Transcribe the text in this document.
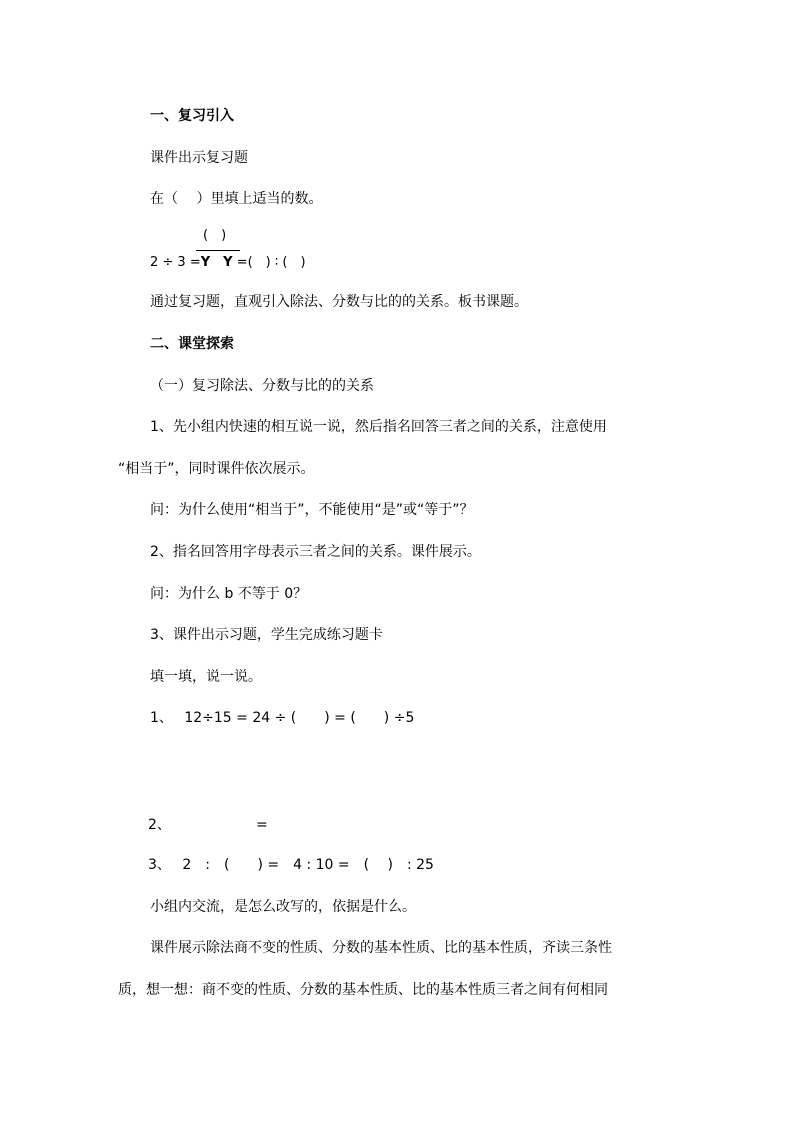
一、复习引入
课件出示复习题
在（　 ）里填上适当的数。
(　)
2 ÷ 3 =Y　Y =(　) ∶ (　)
通过复习题，直观引入除法、分数与比的的关系。板书课题。
二、课堂探索
（一）复习除法、分数与比的的关系
1、先小组内快速的相互说一说，然后指名回答三者之间的关系，注意使用
“相当于”，同时课件依次展示。
问：为什么使用“相当于”，不能使用“是”或“等于”？
2、指名回答用字母表示三者之间的关系。课件展示。
问：为什么 b 不等于 0？
3、课件出示习题，学生完成练习题卡
填一填，说一说。
1、　 12÷15 = 24 ÷ (　　) = (　　) ÷5
2、	=
3、　 2　:　(　　) =　4 : 10 =　(　 )　: 25
小组内交流，是怎么改写的，依据是什么。
课件展示除法商不变的性质、分数的基本性质、比的基本性质，齐读三条性
质，想一想：商不变的性质、分数的基本性质、比的基本性质三者之间有何相同
